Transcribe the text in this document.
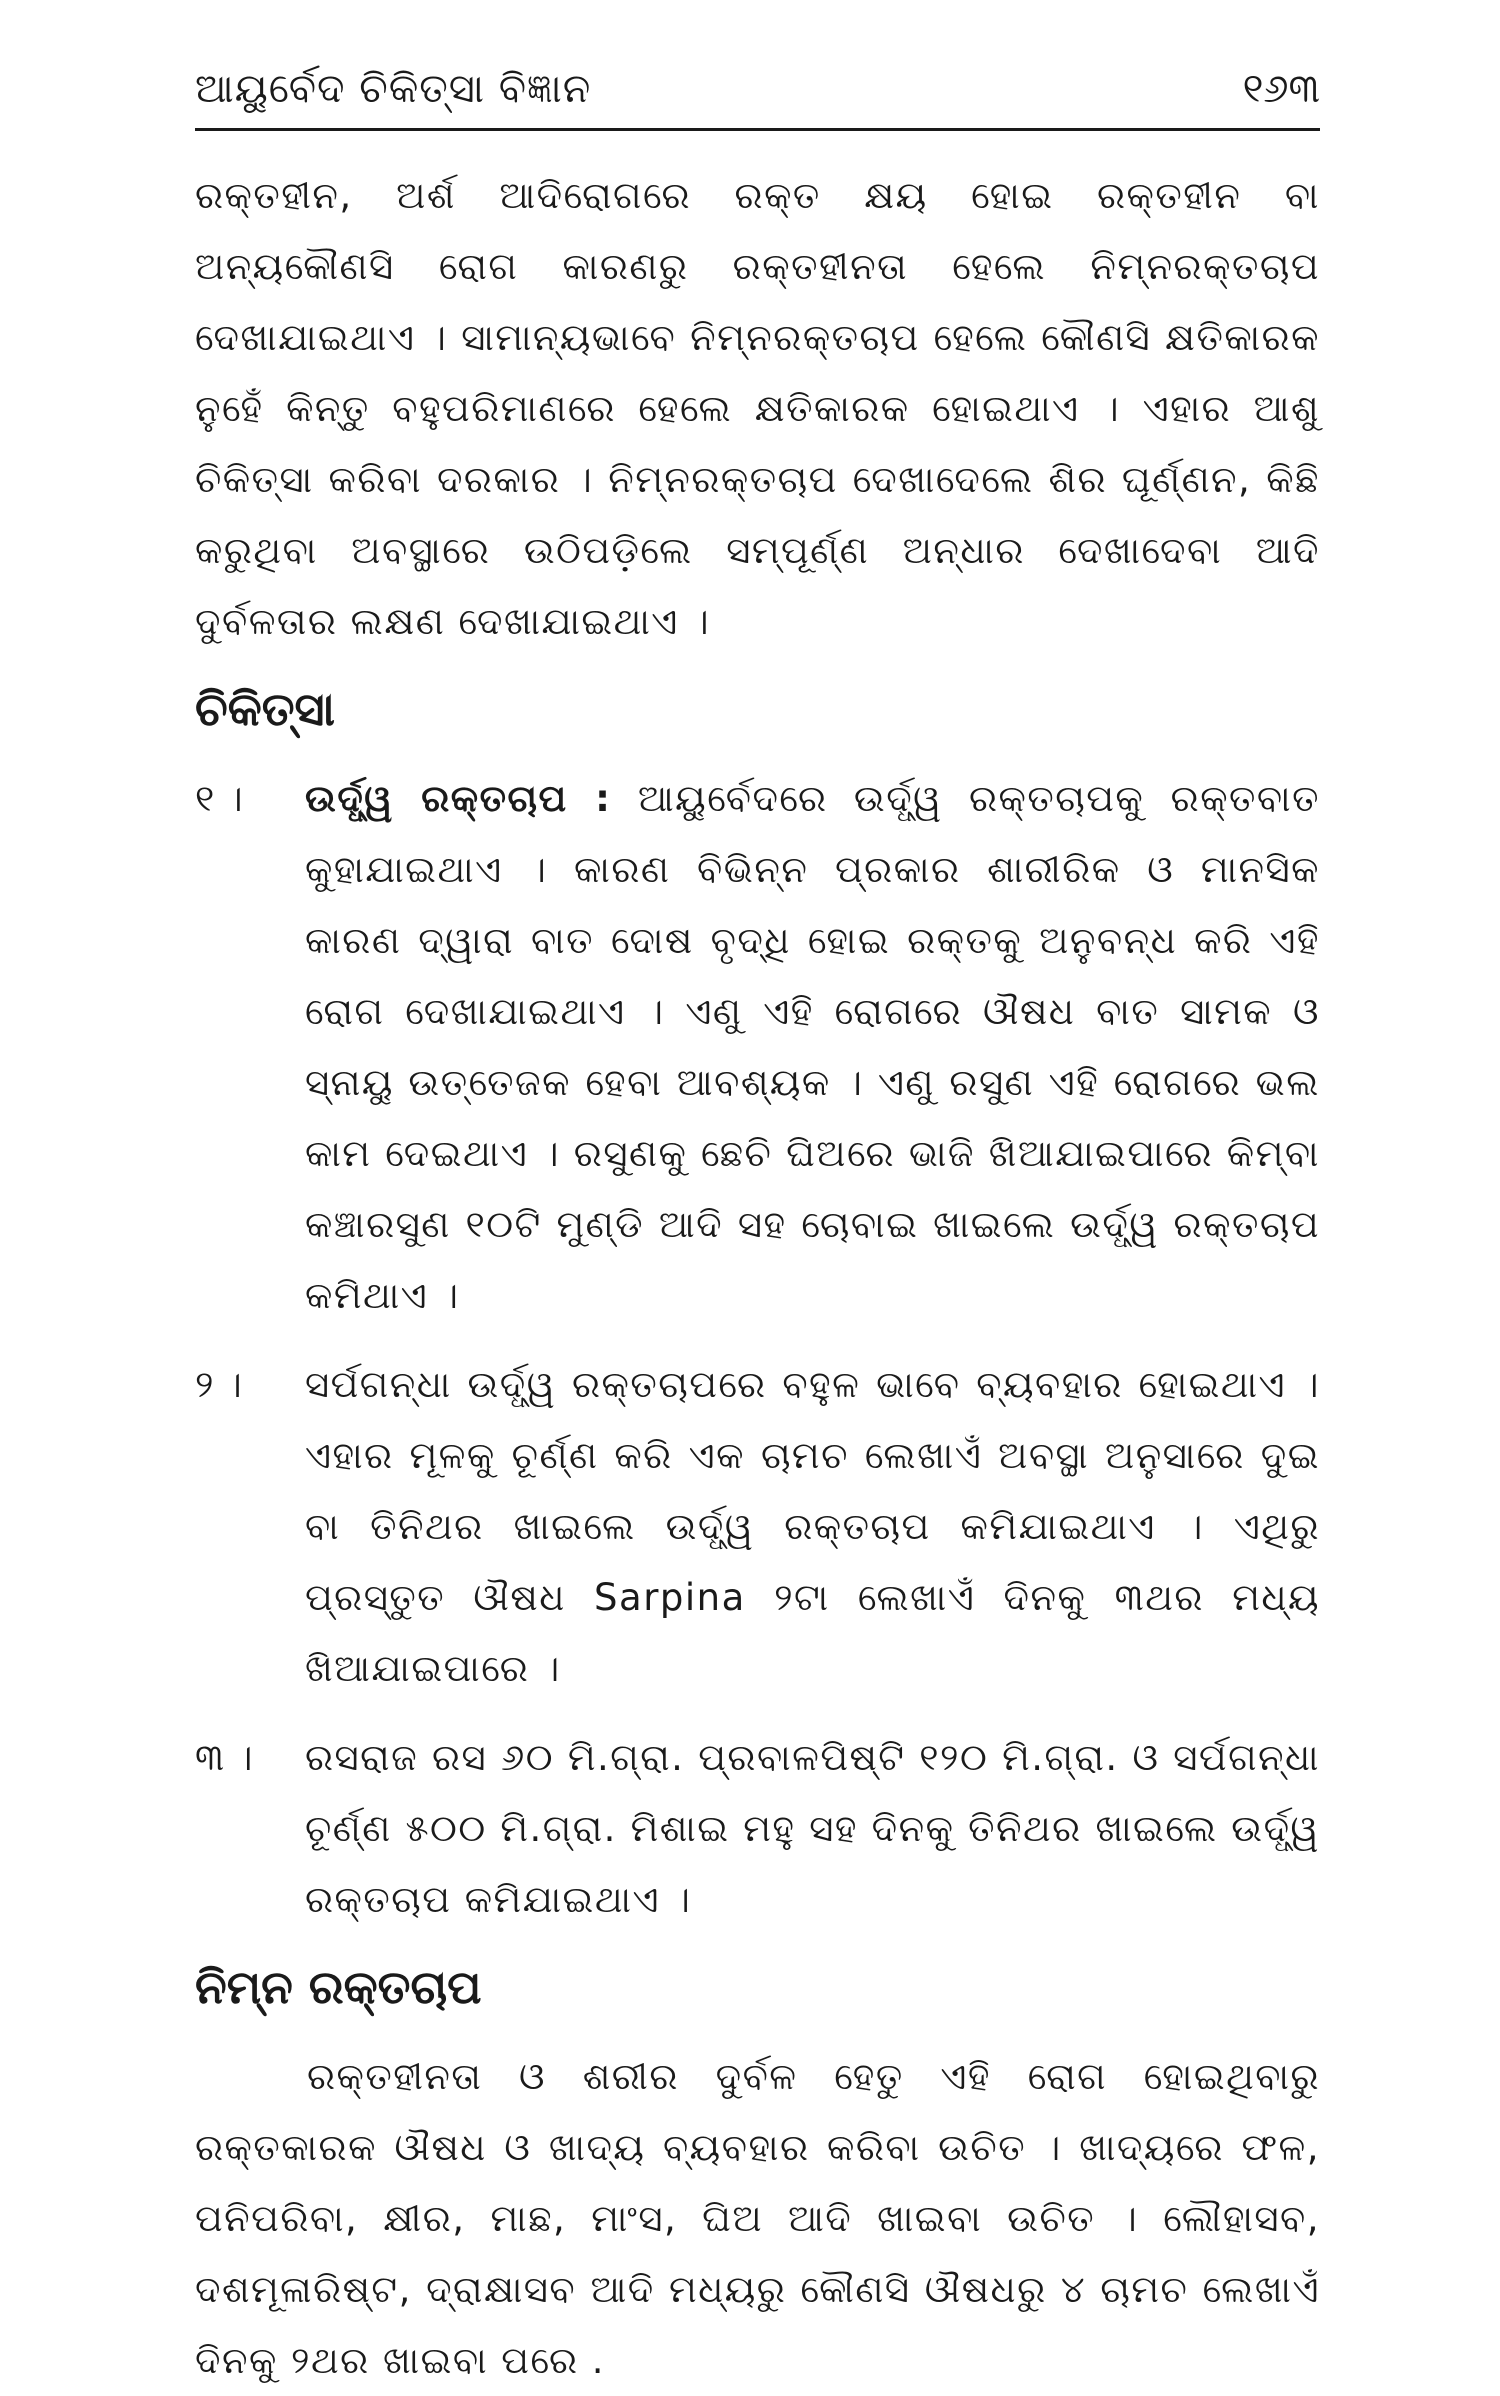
ଆୟୁର୍ବେଦ ଚିକିତ୍ସା ବିଜ୍ଞାନ	୧୬୩

ରକ୍ତହୀନ, ଅର୍ଶ ଆଦିରୋଗରେ ରକ୍ତ କ୍ଷୟ ହୋଇ ରକ୍ତହୀନ ବା ଅନ୍ୟକୌଣସି ରୋଗ କାରଣରୁ ରକ୍ତହୀନତା ହେଲେ ନିମ୍ନରକ୍ତଚାପ ଦେଖାଯାଇଥାଏ । ସାମାନ୍ୟଭାବେ ନିମ୍ନରକ୍ତଚାପ ହେଲେ କୌଣସି କ୍ଷତିକାରକ ନୁହେଁ କିନ୍ତୁ ବହୁପରିମାଣରେ ହେଲେ କ୍ଷତିକାରକ ହୋଇଥାଏ । ଏହାର ଆଶୁ ଚିକିତ୍ସା କରିବା ଦରକାର । ନିମ୍ନରକ୍ତଚାପ ଦେଖାଦେଲେ ଶିର ଘୂର୍ଣ୍ଣନ, କିଛି କରୁଥିବା ଅବସ୍ଥାରେ ଉଠିପଡ଼ିଲେ ସମ୍ପୂର୍ଣ୍ଣ ଅନ୍ଧାର ଦେଖାଦେବା ଆଦି ଦୁର୍ବଳତାର ଲକ୍ଷଣ ଦେଖାଯାଇଥାଏ ।

ଚିକିତ୍ସା
୧ ।	ଉର୍ଦ୍ଧ୍ୱ ରକ୍ତଚାପ : ଆୟୁର୍ବେଦରେ ଉର୍ଦ୍ଧ୍ୱ ରକ୍ତଚାପକୁ ରକ୍ତବାତ କୁହାଯାଇଥାଏ । କାରଣ ବିଭିନ୍ନ ପ୍ରକାର ଶାରୀରିକ ଓ ମାନସିକ କାରଣ ଦ୍ୱାରା ବାତ ଦୋଷ ବୃଦ୍ଧି ହୋଇ ରକ୍ତକୁ ଅନୁବନ୍ଧ କରି ଏହି ରୋଗ ଦେଖାଯାଇଥାଏ । ଏଣୁ ଏହି ରୋଗରେ ଔଷଧ ବାତ ସାମକ ଓ ସ୍ନାୟୁ ଉତ୍ତେଜକ ହେବା ଆବଶ୍ୟକ । ଏଣୁ ରସୁଣ ଏହି ରୋଗରେ ଭଲ କାମ ଦେଇଥାଏ । ରସୁଣକୁ ଛେଚି ଘିଅରେ ଭାଜି ଖିଆଯାଇପାରେ କିମ୍ବା କଞ୍ଚାରସୁଣ ୧୦ଟି ମୁଣ୍ଡି ଆଦି ସହ ଚୋବାଇ ଖାଇଲେ ଉର୍ଦ୍ଧ୍ୱ ରକ୍ତଚାପ କମିଥାଏ ।

୨ ।	ସର୍ପଗନ୍ଧା ଉର୍ଦ୍ଧ୍ୱ ରକ୍ତଚାପରେ ବହୁଳ ଭାବେ ବ୍ୟବହାର ହୋଇଥାଏ । ଏହାର ମୂଳକୁ ଚୂର୍ଣ୍ଣ କରି ଏକ ଚାମଚ ଲେଖାଏଁ ଅବସ୍ଥା ଅନୁସାରେ ଦୁଇ ବା ତିନିଥର ଖାଇଲେ ଉର୍ଦ୍ଧ୍ୱ ରକ୍ତଚାପ କମିଯାଇଥାଏ । ଏଥିରୁ ପ୍ରସ୍ତୁତ ଔଷଧ Sarpina ୨ଟା ଲେଖାଏଁ ଦିନକୁ ୩ଥର ମଧ୍ୟ ଖିଆଯାଇପାରେ ।

୩ ।	ରସରାଜ ରସ ୬୦ ମି.ଗ୍ରା. ପ୍ରବାଳପିଷ୍ଟି ୧୨୦ ମି.ଗ୍ରା. ଓ ସର୍ପଗନ୍ଧା ଚୂର୍ଣ୍ଣ ୫୦୦ ମି.ଗ୍ରା. ମିଶାଇ ମହୁ ସହ ଦିନକୁ ତିନିଥର ଖାଇଲେ ଉର୍ଦ୍ଧ୍ୱ ରକ୍ତଚାପ କମିଯାଇଥାଏ ।

ନିମ୍ନ ରକ୍ତଚାପ

ରକ୍ତହୀନତା ଓ ଶରୀର ଦୁର୍ବଳ ହେତୁ ଏହି ରୋଗ ହୋଇଥିବାରୁ ରକ୍ତକାରକ ଔଷଧ ଓ ଖାଦ୍ୟ ବ୍ୟବହାର କରିବା ଉଚିତ । ଖାଦ୍ୟରେ ଫଳ, ପନିପରିବା, କ୍ଷୀର, ମାଛ, ମାଂସ, ଘିଅ ଆଦି ଖାଇବା ଉଚିତ । ଲୌହାସବ, ଦଶମୂଳାରିଷ୍ଟ, ଦ୍ରାକ୍ଷାସବ ଆଦି ମଧ୍ୟରୁ କୌଣସି ଔଷଧରୁ ୪ ଚାମଚ ଲେଖାଏଁ ଦିନକୁ ୨ଥର ଖାଇବା ପରେ .
